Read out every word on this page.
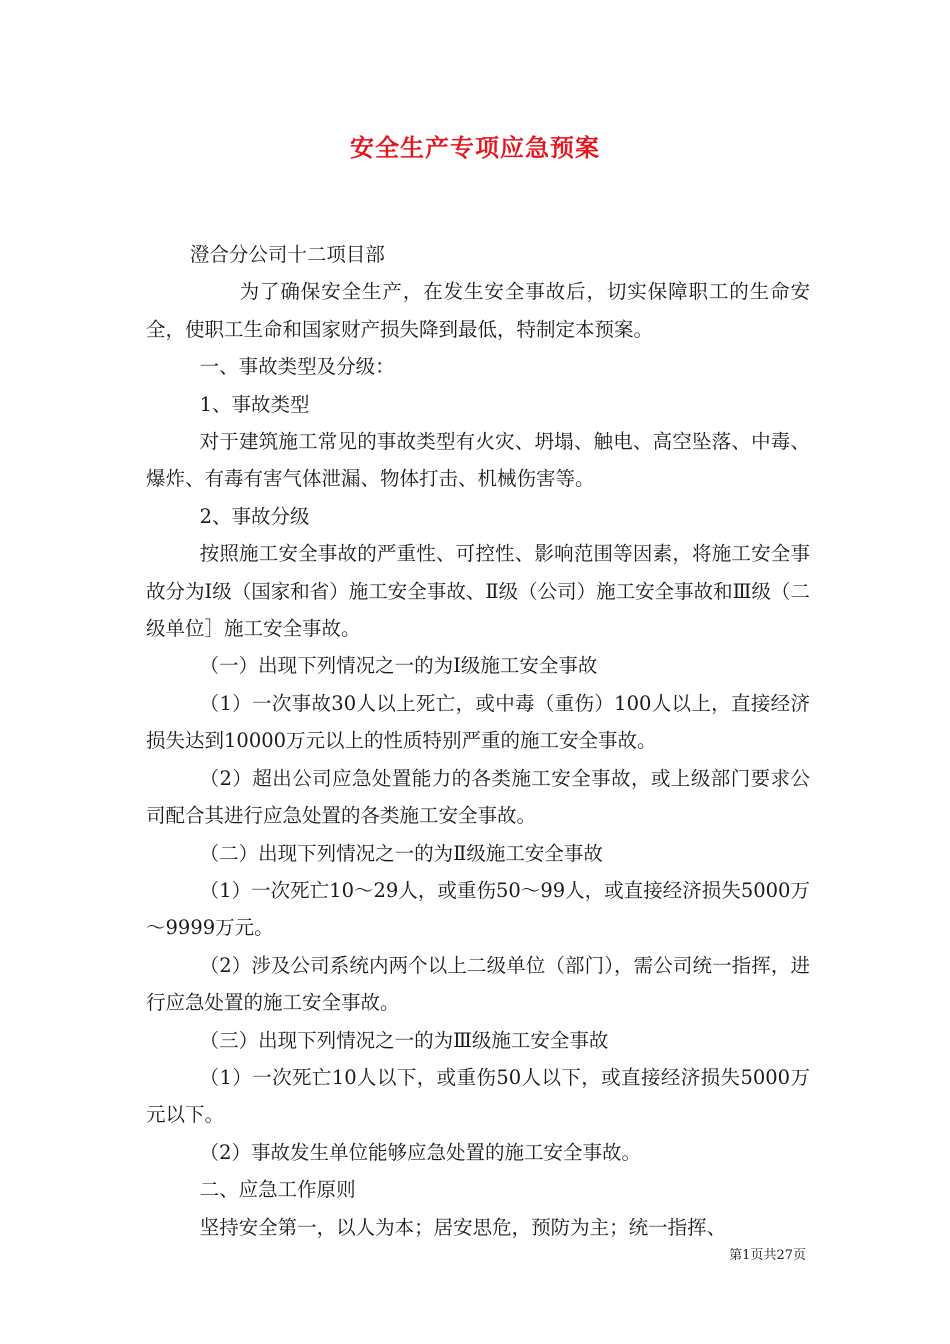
安全生产专项应急预案

澄合分公司十二项目部

为了确保安全生产，在发生安全事故后，切实保障职工的生命安全，使职工生命和国家财产损失降到最低，特制定本预案。

一、事故类型及分级：

1、事故类型

对于建筑施工常见的事故类型有火灾、坍塌、触电、高空坠落、中毒、爆炸、有毒有害气体泄漏、物体打击、机械伤害等。

2、事故分级

按照施工安全事故的严重性、可控性、影响范围等因素，将施工安全事故分为Ⅰ级（国家和省）施工安全事故、Ⅱ级（公司）施工安全事故和Ⅲ级（二级单位］施工安全事故。

（一）出现下列情况之一的为Ⅰ级施工安全事故

（1）一次事故30人以上死亡，或中毒（重伤）100人以上，直接经济损失达到10000万元以上的性质特别严重的施工安全事故。

（2）超出公司应急处置能力的各类施工安全事故，或上级部门要求公司配合其进行应急处置的各类施工安全事故。

（二）出现下列情况之一的为Ⅱ级施工安全事故

（1）一次死亡10～29人，或重伤50～99人，或直接经济损失5000万～9999万元。

（2）涉及公司系统内两个以上二级单位（部门），需公司统一指挥，进行应急处置的施工安全事故。

（三）出现下列情况之一的为Ⅲ级施工安全事故

（1）一次死亡10人以下，或重伤50人以下，或直接经济损失5000万元以下。

（2）事故发生单位能够应急处置的施工安全事故。

二、应急工作原则

坚持安全第一，以人为本；居安思危，预防为主；统一指挥、

第1页共27页
